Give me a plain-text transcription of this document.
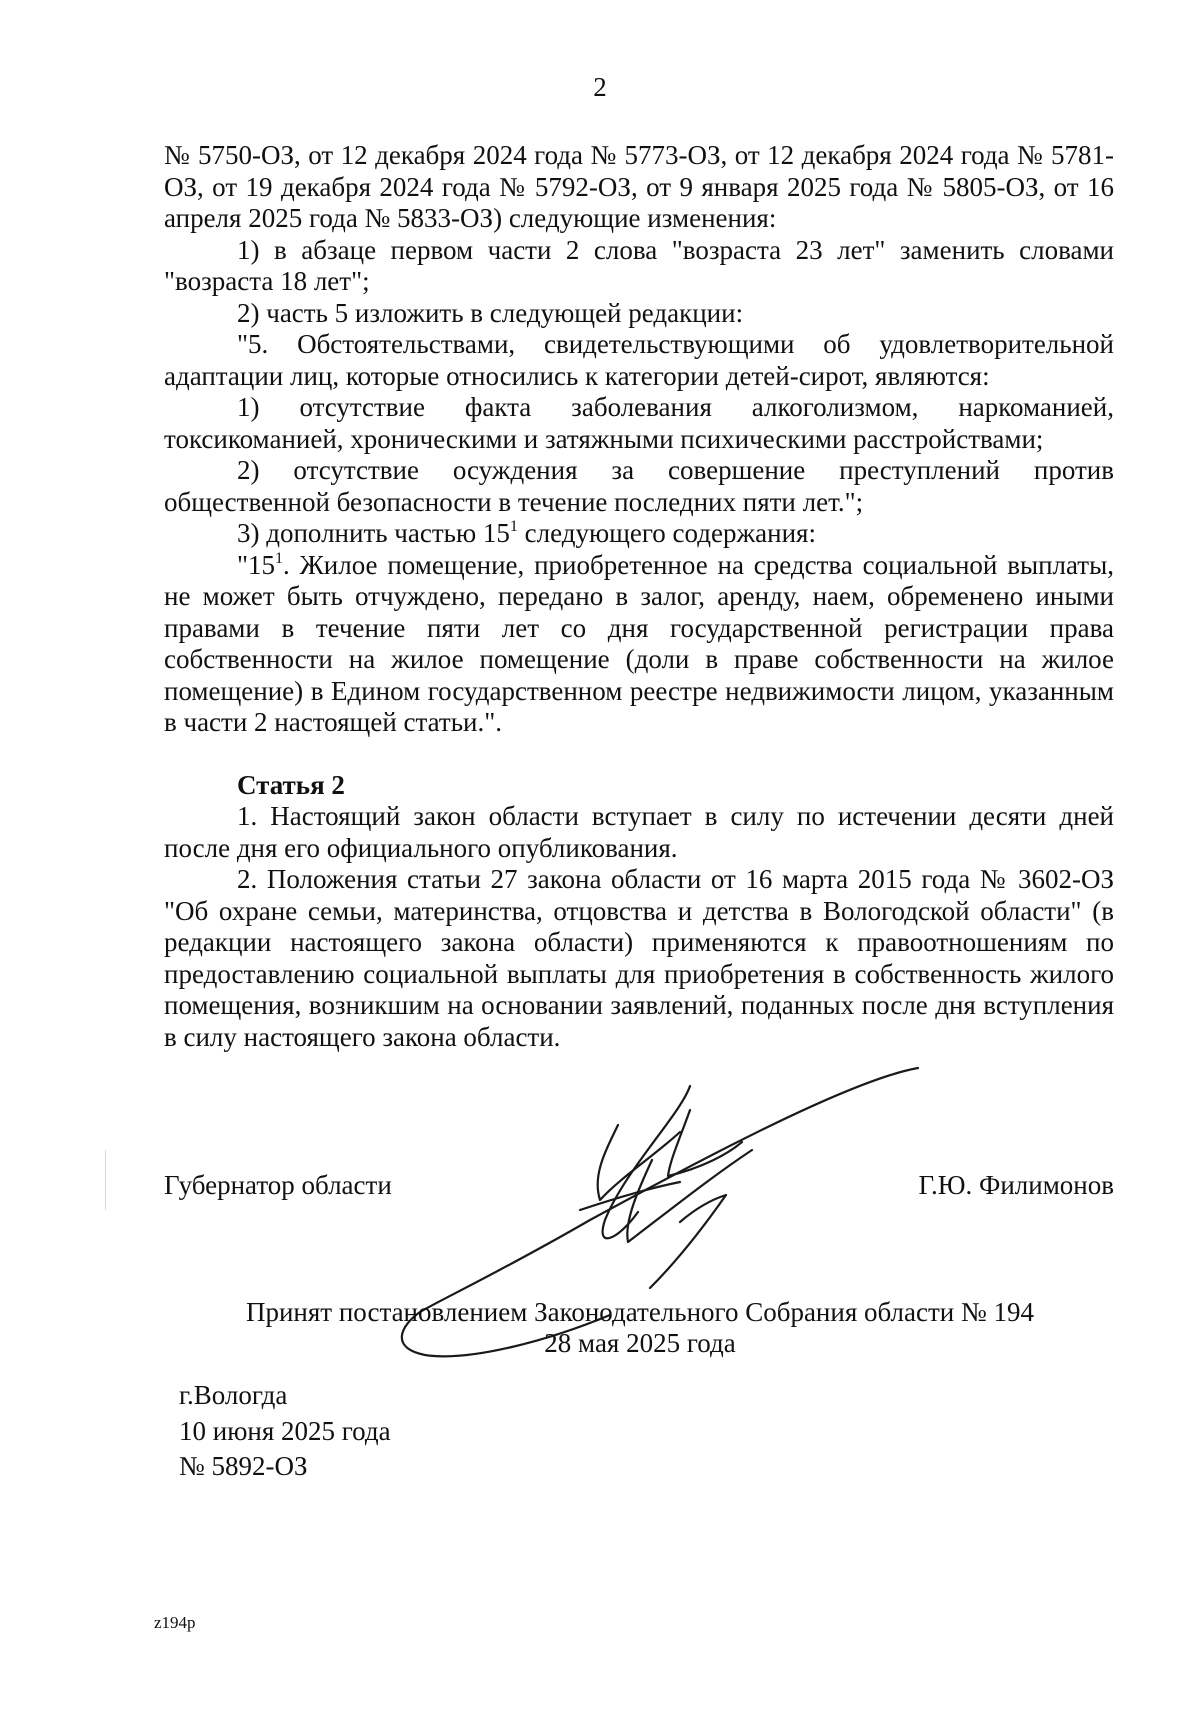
2

№ 5750-ОЗ, от 12 декабря 2024 года № 5773-ОЗ, от 12 декабря 2024 года № 5781-ОЗ, от 19 декабря 2024 года № 5792-ОЗ, от 9 января 2025 года № 5805-ОЗ, от 16 апреля 2025 года № 5833-ОЗ) следующие изменения:

1) в абзаце первом части 2 слова "возраста 23 лет" заменить словами "возраста 18 лет";

2) часть 5 изложить в следующей редакции:

"5. Обстоятельствами, свидетельствующими об удовлетворительной адаптации лиц, которые относились к категории детей-сирот, являются:

1) отсутствие факта заболевания алкоголизмом, наркоманией, токсикоманией, хроническими и затяжными психическими расстройствами;

2) отсутствие осуждения за совершение преступлений против общественной безопасности в течение последних пяти лет.";

3) дополнить частью $15^1$ следующего содержания:

"$15^1$. Жилое помещение, приобретенное на средства социальной выплаты, не может быть отчуждено, передано в залог, аренду, наем, обременено иными правами в течение пяти лет со дня государственной регистрации права собственности на жилое помещение (доли в праве собственности на жилое помещение) в Едином государственном реестре недвижимости лицом, указанным в части 2 настоящей статьи.".

Статья 2

1. Настоящий закон области вступает в силу по истечении десяти дней после дня его официального опубликования.

2. Положения статьи 27 закона области от 16 марта 2015 года № 3602-ОЗ "Об охране семьи, материнства, отцовства и детства в Вологодской области" (в редакции настоящего закона области) применяются к правоотношениям по предоставлению социальной выплаты для приобретения в собственность жилого помещения, возникшим на основании заявлений, поданных после дня вступления в силу настоящего закона области.

Губернатор области	Г.Ю. Филимонов
Принят постановлением Законодательного Собрания области № 194
28 мая 2025 года
г.Вологда
10 июня 2025 года
№ 5892-ОЗ
z194p
